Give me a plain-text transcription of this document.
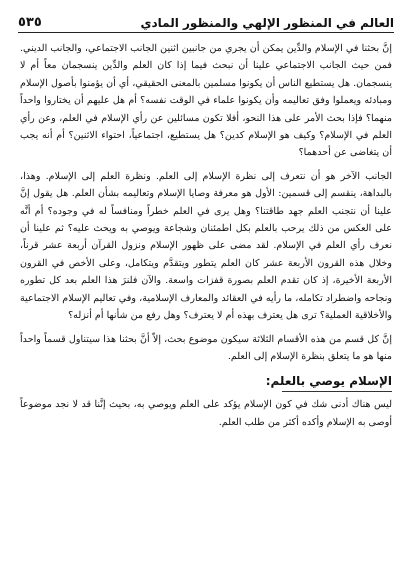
٥٣٥	العالم في المنظور الإلهي والمنظور المادي

إنَّ بحثنا في الإسلام والدِّين يمكن أن يجري من جانبين اثنين الجانب الاجتماعي، والجانب الديني. فمن حيث الجانب الاجتماعي علينا أن نبحث فيما إذا كان العلم والدِّين ينسجمان معاً أم لا ينسجمان. هل يستطيع الناس أن يكونوا مسلمين بالمعنى الحقيقي، أي أن يؤمنوا بأصول الإسلام ومبادئه ويعملوا وفق تعاليمه وأن يكونوا علماء في الوقت نفسه؟ أم هل عليهم أن يختاروا واحداً منهما؟ فإذا بحث الأمر على هذا النحو، أفلا تكون مسائلين عن رأي الإسلام في العلم، وعن رأي العلم في الإسلام؟ وكيف هو الإسلام كدين؟ هل يستطيع، اجتماعياً، احتواء الاثنين؟ أم أنه يجب أن يتغاضى عن أحدهما؟

الجانب الآخر هو أن نتعرف إلى نظرة الإسلام إلى العلم. ونظرة العلم إلى الإسلام. وهذا، بالبداهة، ينقسم إلى قسمين: الأول هو معرفة وصايا الإسلام وتعاليمه بشأن العلم. هل يقول إنَّ علينا أن نتجنب العلم جهد طاقتنا؟ وهل يرى في العلم خطراً ومنافساً له في وجوده؟ أم أنَّه على العكس من ذلك يرحب بالعلم بكل اطمئنان وشجاعة ويوصي به ويحث عليه؟ ثم علينا أن نعرف رأي العلم في الإسلام. لقد مضى على ظهور الإسلام ونزول القرآن أربعة عشر قرناً، وخلال هذه القرون الأربعة عشر كان العلم يتطور ويتقدَّم ويتكامل، وعلى الأخص في القرون الأربعة الأخيرة، إذ كان تقدم العلم بصورة قفزات واسعة. والآن فلنرَ هذا العلم بعد كل تطوره ونجاحه واضطراد تكامله، ما رأيه في العقائد والمعارف الإسلامية، وفي تعاليم الإسلام الاجتماعية والأخلاقية العملية؟ ترى هل يعترف بهذه أم لا يعترف؟ وهل رفع من شأنها أم أنزله؟

إنَّ كل قسم من هذه الأقسام الثلاثة سيكون موضوع بحث، إلاّ أنَّ بحثنا هذا سيتناول قسماً واحداً منها هو ما يتعلق بنظرة الإسلام إلى العلم.

الإسلام يوصي بالعلم:

ليس هناك أدنى شك في كون الإسلام يؤكد على العلم ويوصي به، بحيث إنَّنا قد لا نجد موضوعاً أوصى به الإسلام وأكده أكثر من طلب العلم.
